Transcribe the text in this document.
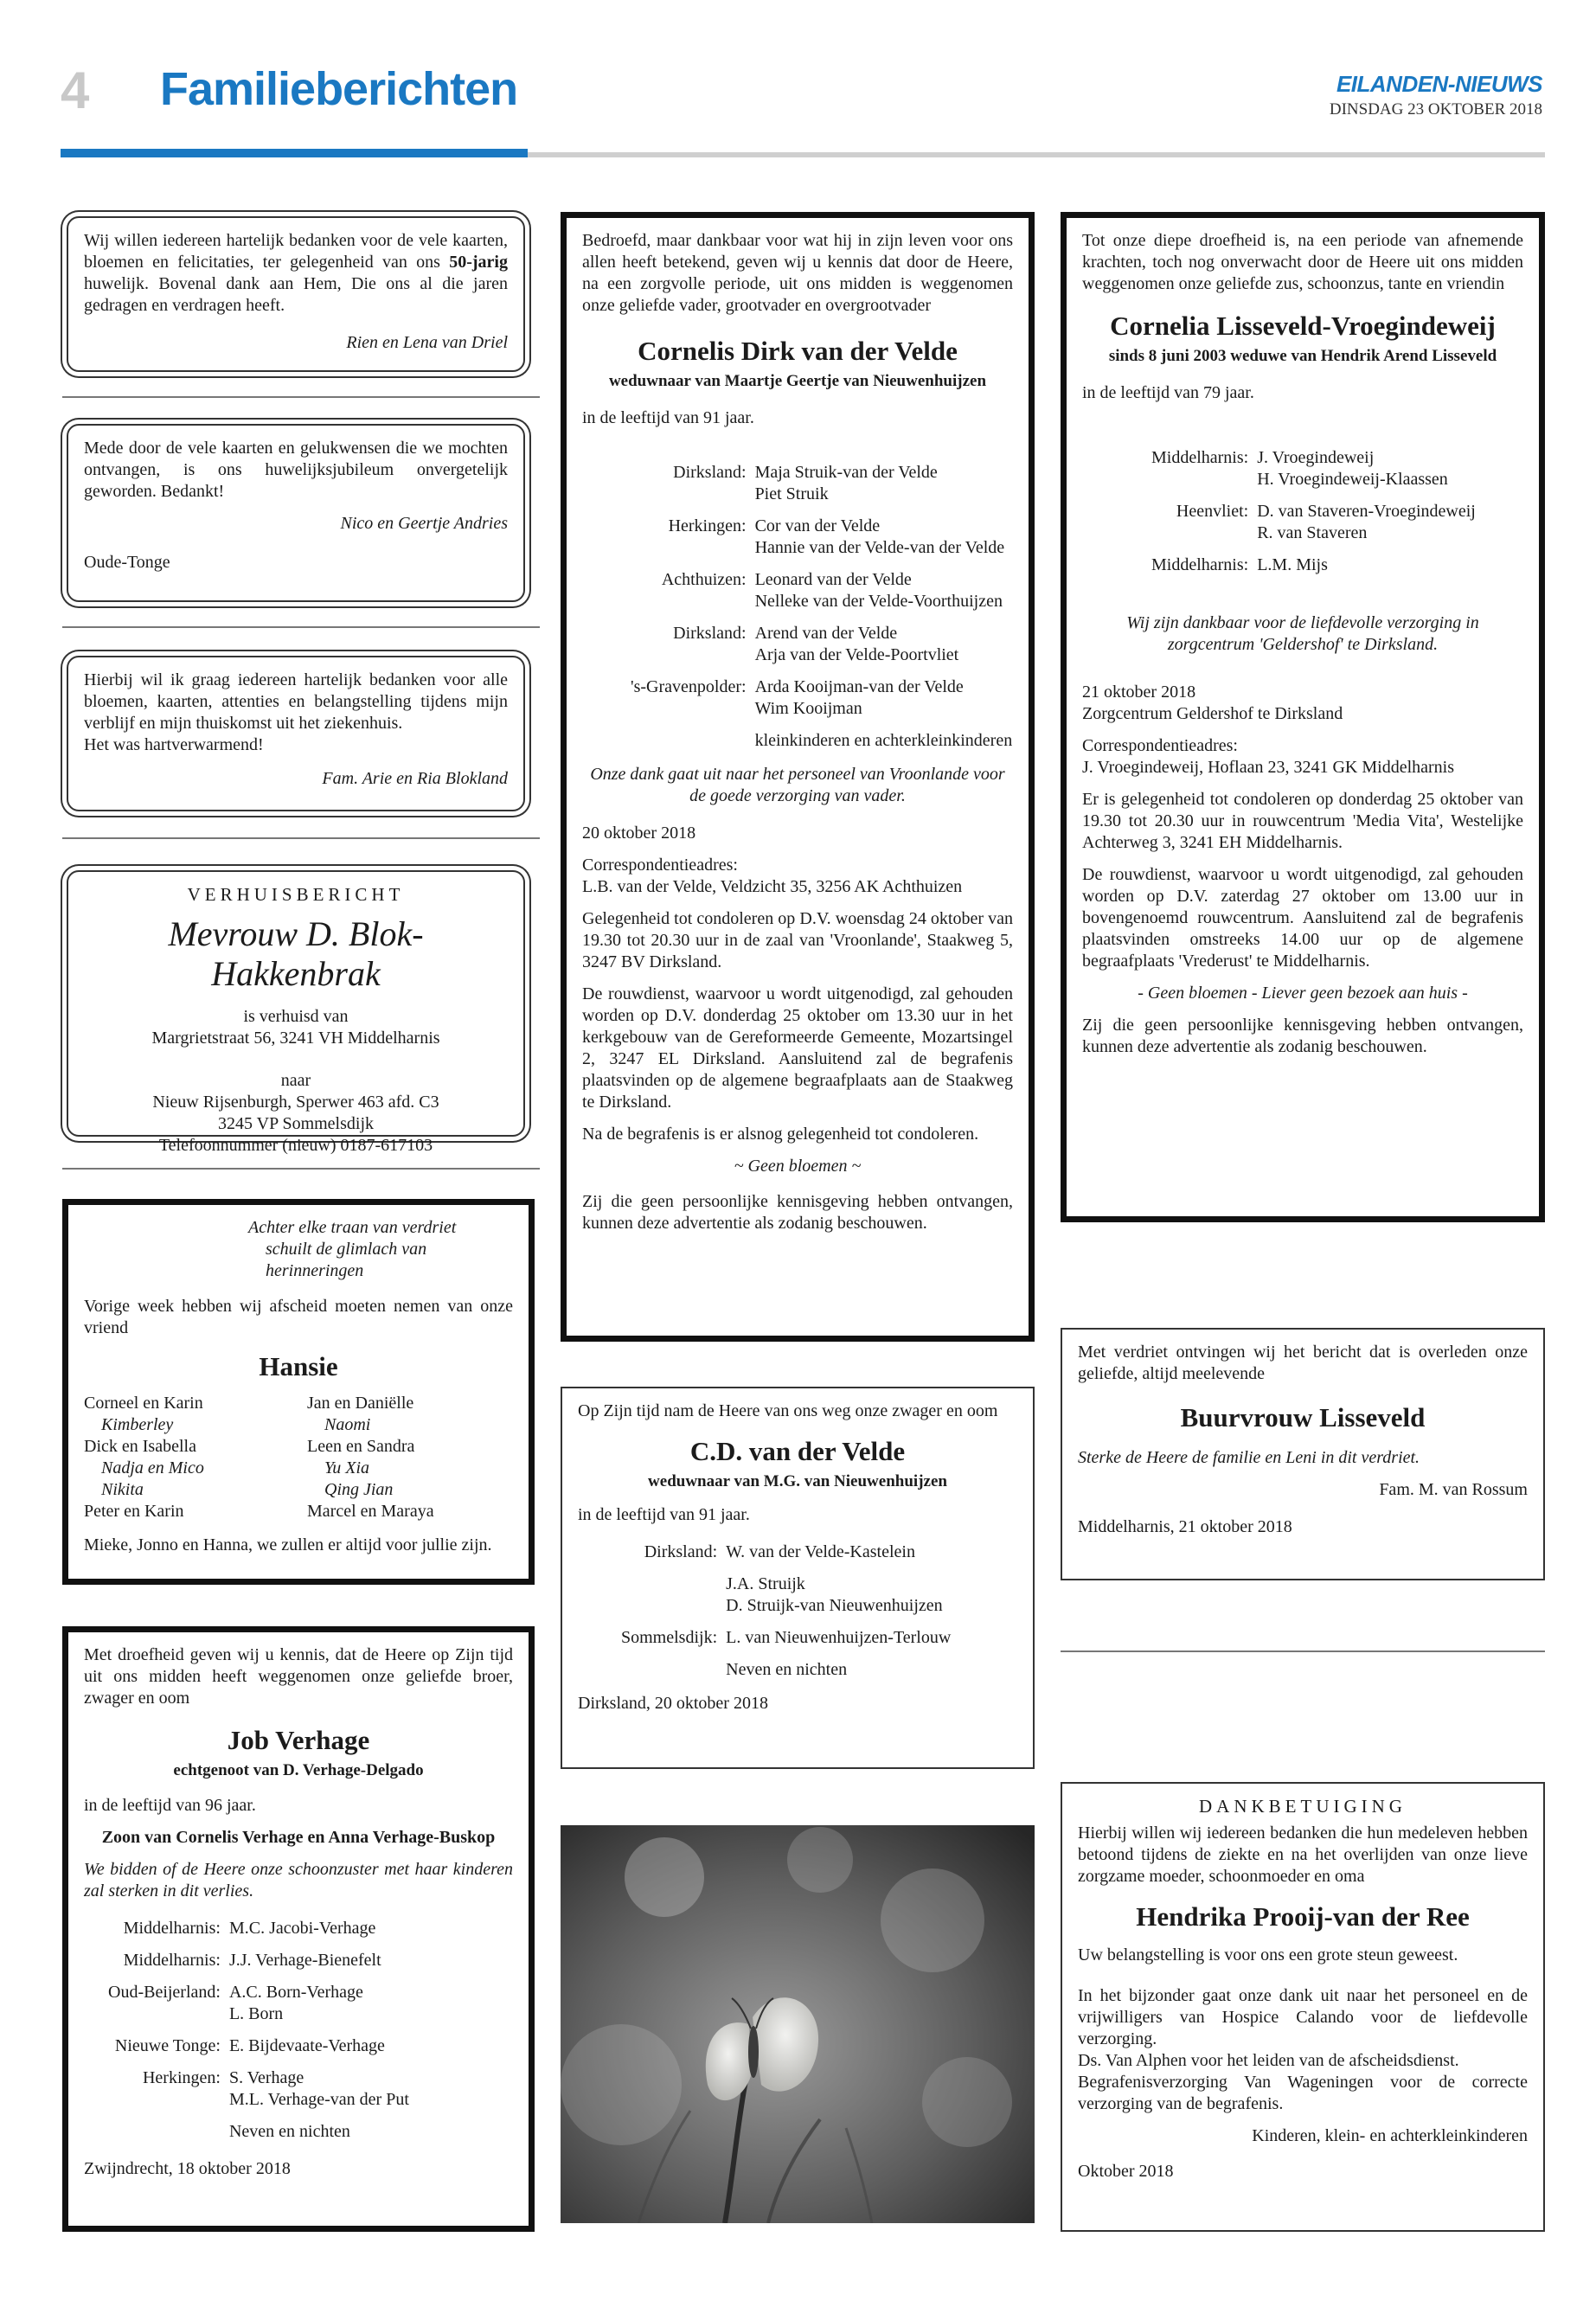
4 Familieberichten	EILANDEN-NIEUWS
DINSDAG 23 OKTOBER 2018

Wij willen iedereen hartelijk bedanken voor de vele kaarten, bloemen en felicitaties, ter gelegenheid van ons 50-jarig huwelijk. Bovenal dank aan Hem, Die ons al die jaren gedragen en verdragen heeft.

Rien en Lena van Driel

Mede door de vele kaarten en gelukwensen die we mochten ontvangen, is ons huwelijksjubileum onvergetelijk geworden. Bedankt!

Nico en Geertje Andries
Oude-Tonge

Hierbij wil ik graag iedereen hartelijk bedanken voor alle bloemen, kaarten, attenties en belangstelling tijdens mijn verblijf en mijn thuiskomst uit het ziekenhuis.

Het was hartverwarmend!

Fam. Arie en Ria Blokland
VERHUISBERICHT
Mevrouw D. Blok-Hakkenbrak
is verhuisd van
Margrietstraat 56, 3241 VH Middelharnis
naar
Nieuw Rijsenburgh, Sperwer 463 afd. C3
3245 VP Sommelsdijk
Telefoonnummer (nieuw) 0187-617103
Achter elke traan van verdriet
schuilt de glimlach van herinneringen

Vorige week hebben wij afscheid moeten nemen van onze vriend

Hansie
Corneel en Karin
Kimberley
Dick en Isabella
Nadja en Mico
Nikita
Peter en Karin
Jan en Daniëlle
Naomi
Leen en Sandra
Yu Xia
Qing Jian
Marcel en Maraya
Mieke, Jonno en Hanna, we zullen er altijd voor jullie zijn.

Met droefheid geven wij u kennis, dat de Heere op Zijn tijd uit ons midden heeft weggenomen onze geliefde broer, zwager en oom

Job Verhage
echtgenoot van D. Verhage-Delgado

in de leeftijd van 96 jaar.

Zoon van Cornelis Verhage en Anna Verhage-Buskop

We bidden of de Heere onze schoonzuster met haar kinderen zal sterken in dit verlies.

Middelharnis: M.C. Jacobi-Verhage
Middelharnis: J.J. Verhage-Bienefelt
Oud-Beijerland: A.C. Born-Verhage
L. Born
Nieuwe Tonge: E. Bijdevaate-Verhage
Herkingen: S. Verhage
M.L. Verhage-van der Put
Neven en nichten
Zwijndrecht, 18 oktober 2018

Bedroefd, maar dankbaar voor wat hij in zijn leven voor ons allen heeft betekend, geven wij u kennis dat door de Heere, na een zorgvolle periode, uit ons midden is weggenomen onze geliefde vader, grootvader en overgrootvader

Cornelis Dirk van der Velde
weduwnaar van Maartje Geertje van Nieuwenhuijzen

in de leeftijd van 91 jaar.

Dirksland: Maja Struik-van der Velde
Piet Struik
Herkingen: Cor van der Velde
Hannie van der Velde-van der Velde
Achthuizen: Leonard van der Velde
Nelleke van der Velde-Voorthuijzen
Dirksland: Arend van der Velde
Arja van der Velde-Poortvliet
's-Gravenpolder: Arda Kooijman-van der Velde
Wim Kooijman
kleinkinderen en achterkleinkinderen

Onze dank gaat uit naar het personeel van Vroonlande voor de goede verzorging van vader.

20 oktober 2018

Correspondentieadres:

L.B. van der Velde, Veldzicht 35, 3256 AK Achthuizen

Gelegenheid tot condoleren op D.V. woensdag 24 oktober van 19.30 tot 20.30 uur in de zaal van 'Vroonlande', Staakweg 5, 3247 BV Dirksland.

De rouwdienst, waarvoor u wordt uitgenodigd, zal gehouden worden op D.V. donderdag 25 oktober om 13.30 uur in het kerkgebouw van de Gereformeerde Gemeente, Mozartsingel 2, 3247 EL Dirksland. Aansluitend zal de begrafenis plaatsvinden op de algemene begraafplaats aan de Staakweg te Dirksland.

Na de begrafenis is er alsnog gelegenheid tot condoleren.

~ Geen bloemen ~

Zij die geen persoonlijke kennisgeving hebben ontvangen, kunnen deze advertentie als zodanig beschouwen.

Op Zijn tijd nam de Heere van ons weg onze zwager en oom

C.D. van der Velde
weduwnaar van M.G. van Nieuwenhuijzen

in de leeftijd van 91 jaar.

Dirksland: W. van der Velde-Kastelein
J.A. Struijk
D. Struijk-van Nieuwenhuijzen
Sommelsdijk: L. van Nieuwenhuijzen-Terlouw
Neven en nichten
Dirksland, 20 oktober 2018

Tot onze diepe droefheid is, na een periode van afnemende krachten, toch nog onverwacht door de Heere uit ons midden weggenomen onze geliefde zus, schoonzus, tante en vriendin

Cornelia Lisseveld-Vroegindeweij
sinds 8 juni 2003 weduwe van Hendrik Arend Lisseveld

in de leeftijd van 79 jaar.

Middelharnis: J. Vroegindeweij
H. Vroegindeweij-Klaassen
Heenvliet: D. van Staveren-Vroegindeweij
R. van Staveren
Middelharnis: L.M. Mijs

Wij zijn dankbaar voor de liefdevolle verzorging in zorgcentrum 'Geldershof' te Dirksland.

21 oktober 2018

Zorgcentrum Geldershof te Dirksland

Correspondentieadres:

J. Vroegindeweij, Hoflaan 23, 3241 GK Middelharnis

Er is gelegenheid tot condoleren op donderdag 25 oktober van 19.30 tot 20.30 uur in rouwcentrum 'Media Vita', Westelijke Achterweg 3, 3241 EH Middelharnis.

De rouwdienst, waarvoor u wordt uitgenodigd, zal gehouden worden op D.V. zaterdag 27 oktober om 13.00 uur in bovengenoemd rouwcentrum. Aansluitend zal de begrafenis plaatsvinden omstreeks 14.00 uur op de algemene begraafplaats 'Vrederust' te Middelharnis.

- Geen bloemen - Liever geen bezoek aan huis -

Zij die geen persoonlijke kennisgeving hebben ontvangen, kunnen deze advertentie als zodanig beschouwen.

Met verdriet ontvingen wij het bericht dat is overleden onze geliefde, altijd meelevende

Buurvrouw Lisseveld

Sterke de Heere de familie en Leni in dit verdriet.

Fam. M. van Rossum

Middelharnis, 21 oktober 2018
DANKBETUIGING

Hierbij willen wij iedereen bedanken die hun medeleven hebben betoond tijdens de ziekte en na het overlijden van onze lieve zorgzame moeder, schoonmoeder en oma

Hendrika Prooij-van der Ree

Uw belangstelling is voor ons een grote steun geweest.

In het bijzonder gaat onze dank uit naar het personeel en de vrijwilligers van Hospice Calando voor de liefdevolle verzorging.

Ds. Van Alphen voor het leiden van de afscheidsdienst.

Begrafenisverzorging Van Wageningen voor de correcte verzorging van de begrafenis.

Kinderen, klein- en achterkleinkinderen

Oktober 2018
